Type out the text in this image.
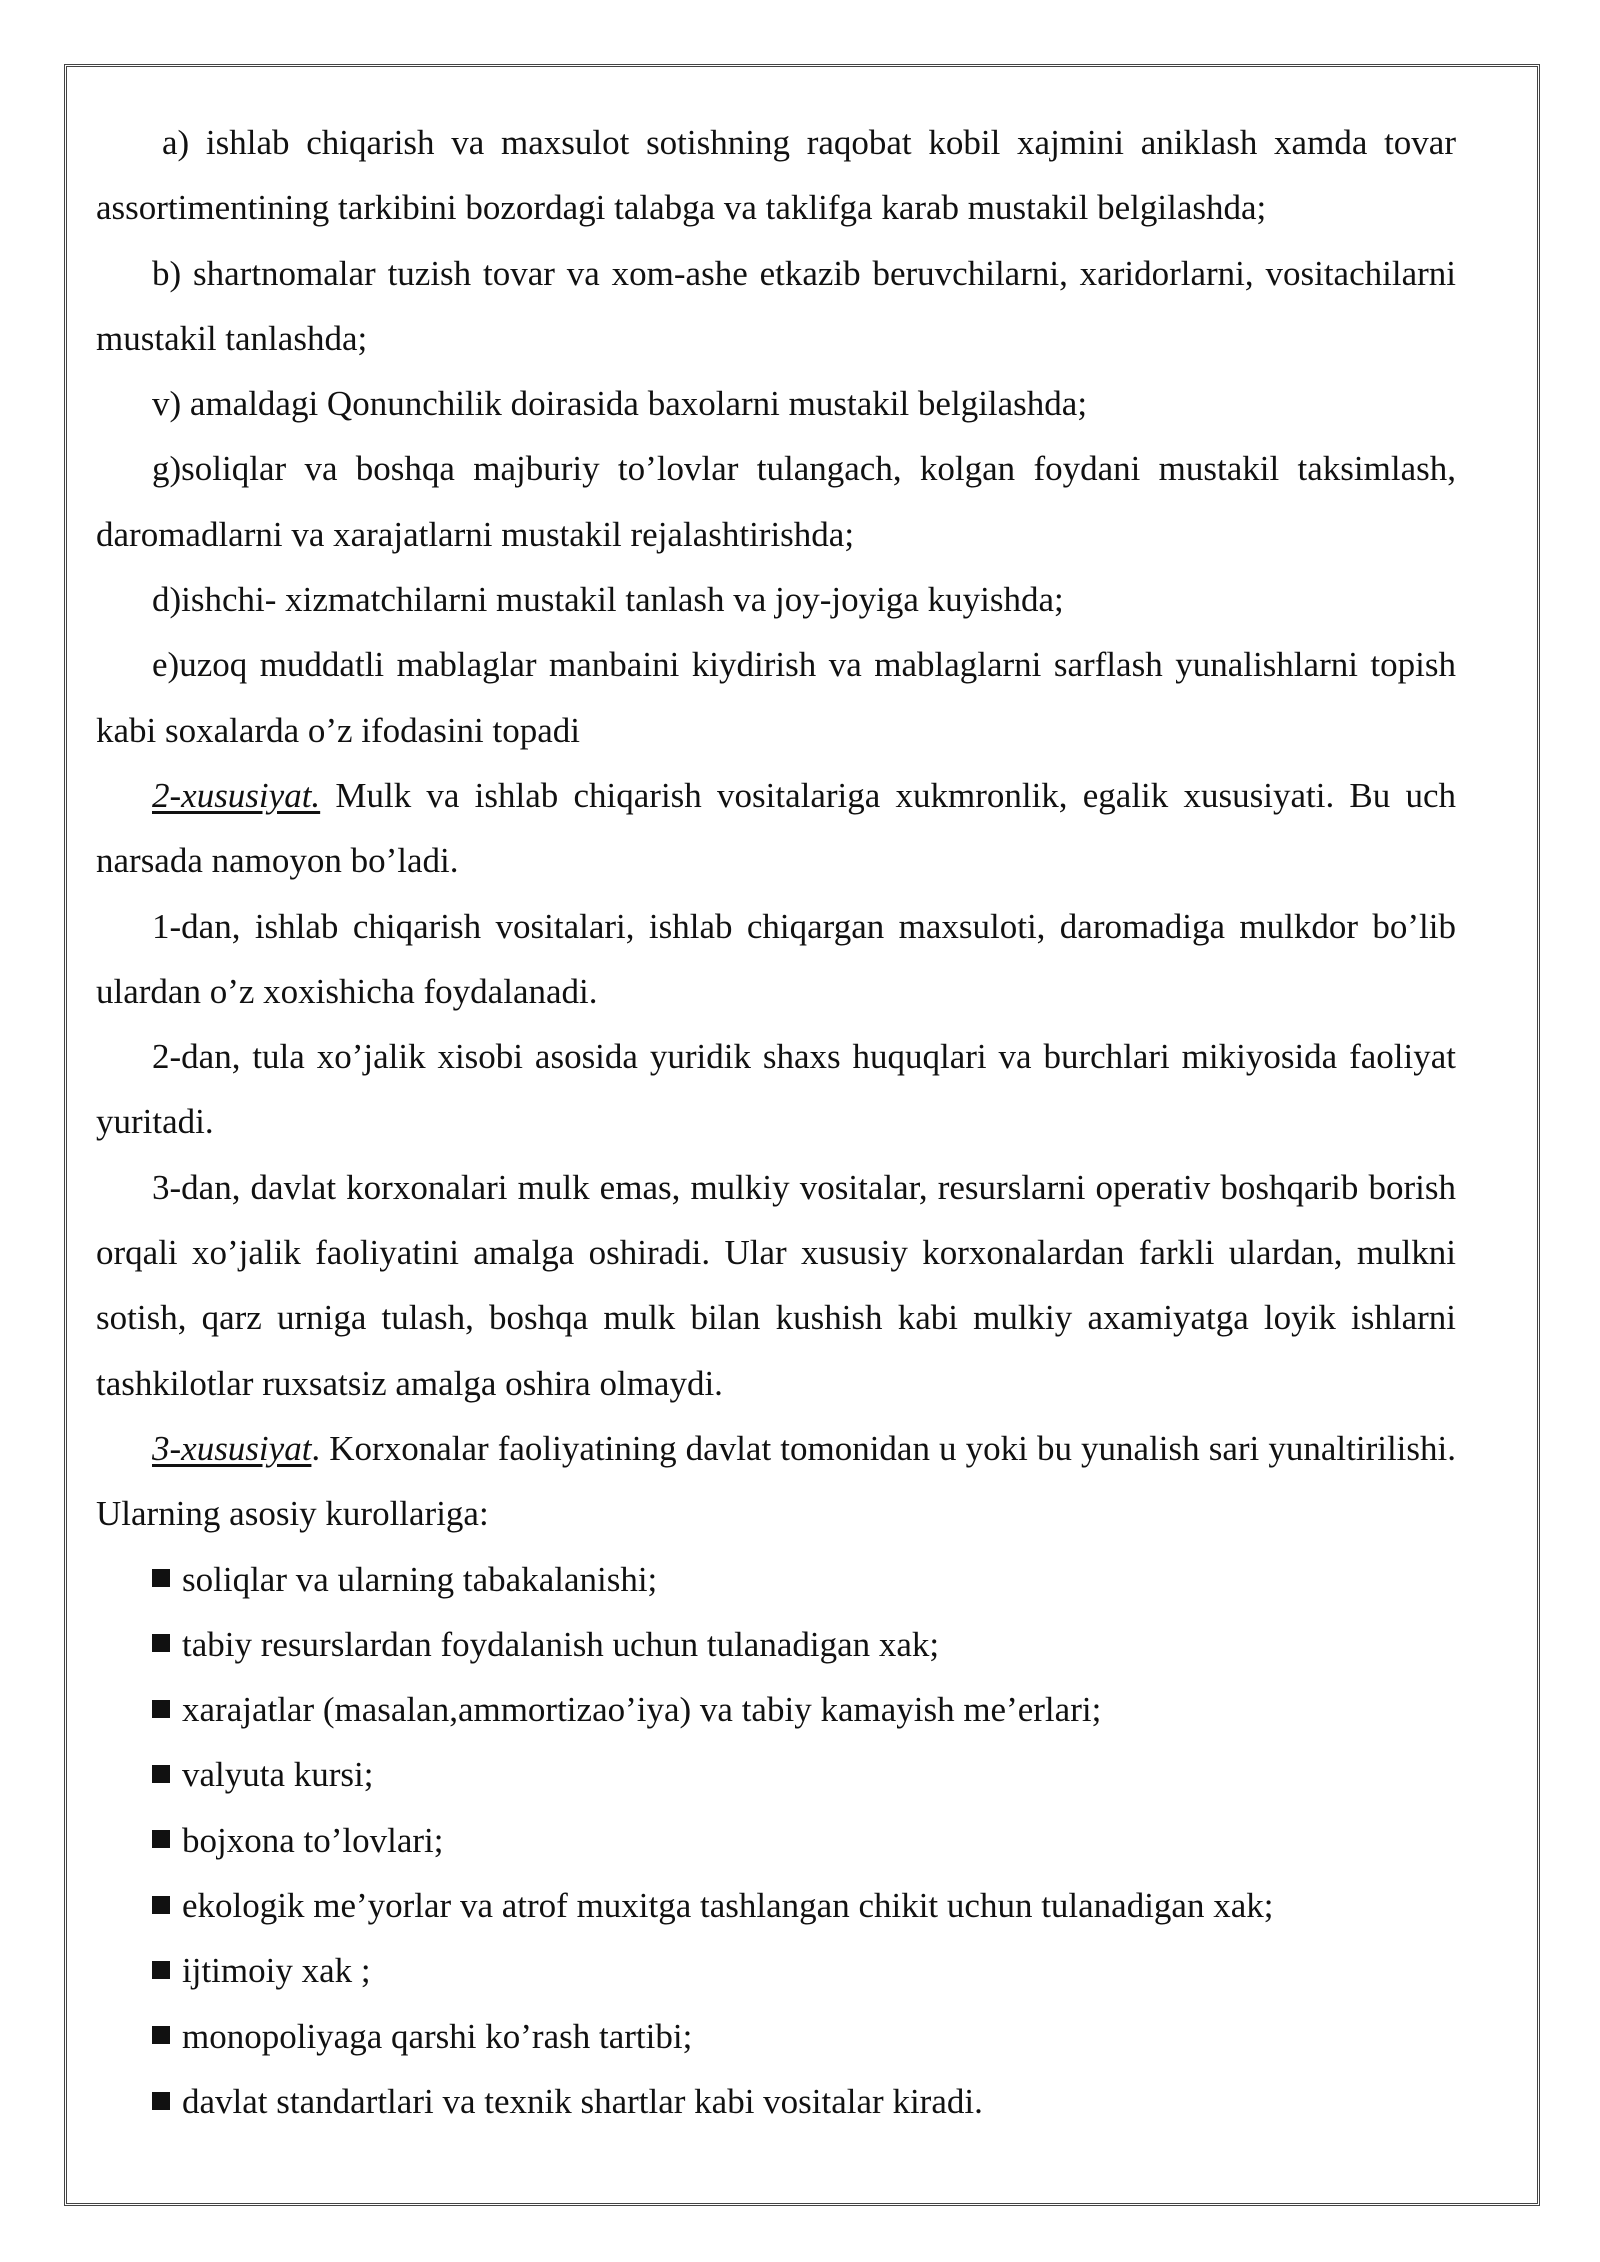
a) ishlab chiqarish va maxsulot sotishning raqobat kobil xajmini aniklash xamda tovar assortimentining tarkibini bozordagi talabga va taklifga karab mustakil belgilashda;

b) shartnomalar tuzish tovar va xom-ashe etkazib beruvchilarni, xaridorlarni, vositachilarni mustakil tanlashda;

v) amaldagi Qonunchilik doirasida baxolarni mustakil belgilashda;

g)soliqlar va boshqa majburiy to’lovlar tulangach, kolgan foydani mustakil taksimlash, daromadlarni va xarajatlarni mustakil rejalashtirishda;

d)ishchi- xizmatchilarni mustakil tanlash va joy-joyiga kuyishda;

e)uzoq muddatli mablaglar manbaini kiydirish va mablaglarni sarflash yunalishlarni topish kabi soxalarda o’z ifodasini topadi

2-xususiyat. Mulk va ishlab chiqarish vositalariga xukmronlik, egalik xususiyati. Bu uch narsada namoyon bo’ladi.

1-dan, ishlab chiqarish vositalari, ishlab chiqargan maxsuloti, daromadiga mulkdor bo’lib ulardan o’z xoxishicha foydalanadi.

2-dan, tula xo’jalik xisobi asosida yuridik shaxs huquqlari va burchlari mikiyosida faoliyat yuritadi.

3-dan, davlat korxonalari mulk emas, mulkiy vositalar, resurslarni operativ boshqarib borish orqali xo’jalik faoliyatini amalga oshiradi. Ular xususiy korxonalardan farkli ulardan, mulkni sotish, qarz urniga tulash, boshqa mulk bilan kushish kabi mulkiy axamiyatga loyik ishlarni tashkilotlar ruxsatsiz amalga oshira olmaydi.

3-xususiyat. Korxonalar faoliyatining davlat tomonidan u yoki bu yunalish sari yunaltirilishi. Ularning asosiy kurollariga:

soliqlar va ularning tabakalanishi;
tabiy resurslardan foydalanish uchun tulanadigan xak;
xarajatlar (masalan,ammortizao’iya) va tabiy kamayish me’erlari;
valyuta kursi;
bojxona to’lovlari;
ekologik me’yorlar va atrof muxitga tashlangan chikit uchun tulanadigan xak;
ijtimoiy xak ;
monopoliyaga qarshi ko’rash tartibi;
davlat standartlari va texnik shartlar kabi vositalar kiradi.
